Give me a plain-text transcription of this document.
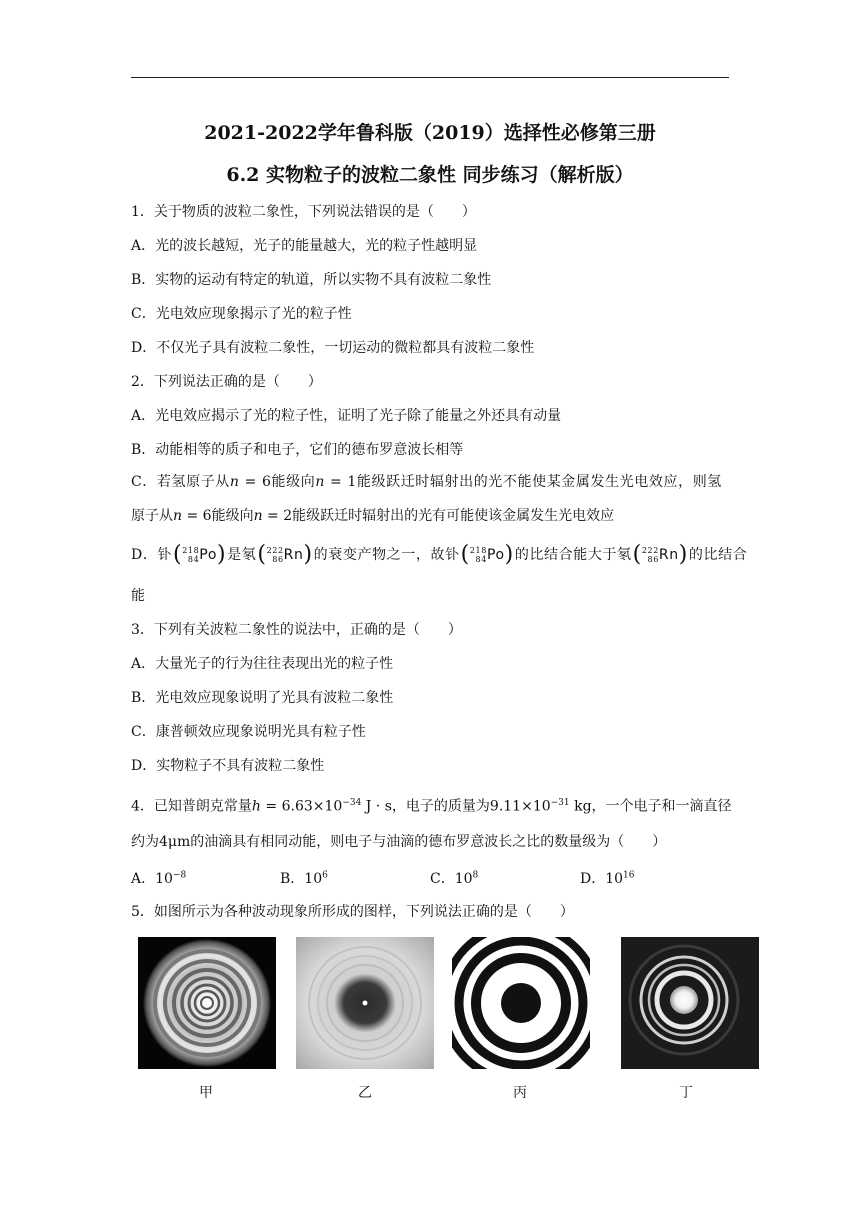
2021-2022学年鲁科版（2019）选择性必修第三册
6.2 实物粒子的波粒二象性 同步练习（解析版）
1．关于物质的波粒二象性，下列说法错误的是（　　）
A．光的波长越短，光子的能量越大，光的粒子性越明显
B．实物的运动有特定的轨道，所以实物不具有波粒二象性
C．光电效应现象揭示了光的粒子性
D．不仅光子具有波粒二象性，一切运动的微粒都具有波粒二象性
2．下列说法正确的是（　　）
A．光电效应揭示了光的粒子性，证明了光子除了能量之外还具有动量
B．动能相等的质子和电子，它们的德布罗意波长相等
C．若氢原子从n = 6能级向n = 1能级跃迁时辐射出的光不能使某金属发生光电效应，则氢
原子从n = 6能级向n = 2能级跃迁时辐射出的光有可能使该金属发生光电效应
D．钋( 218
84 Po)是氡( 222
86 Rn)的衰变产物之一，故钋( 218
84 Po)的比结合能大于氡( 222
86 Rn)的比结合
能
3．下列有关波粒二象性的说法中，正确的是（　　）
A．大量光子的行为往往表现出光的粒子性
B．光电效应现象说明了光具有波粒二象性
C．康普顿效应现象说明光具有粒子性
D．实物粒子不具有波粒二象性
4．已知普朗克常量$h = 6.63\times 10^{-34}$ J · s，电子的质量为$9.11\times 10^{-31}$ kg，一个电子和一滴直径
约为4μm的油滴具有相同动能，则电子与油滴的德布罗意波长之比的数量级为（　　）
A．$10^{-8}$	B．$10^6$	C．$10^8$	D．$10^{16}$
5．如图所示为各种波动现象所形成的图样，下列说法正确的是（　　）
甲	乙	丙	丁
